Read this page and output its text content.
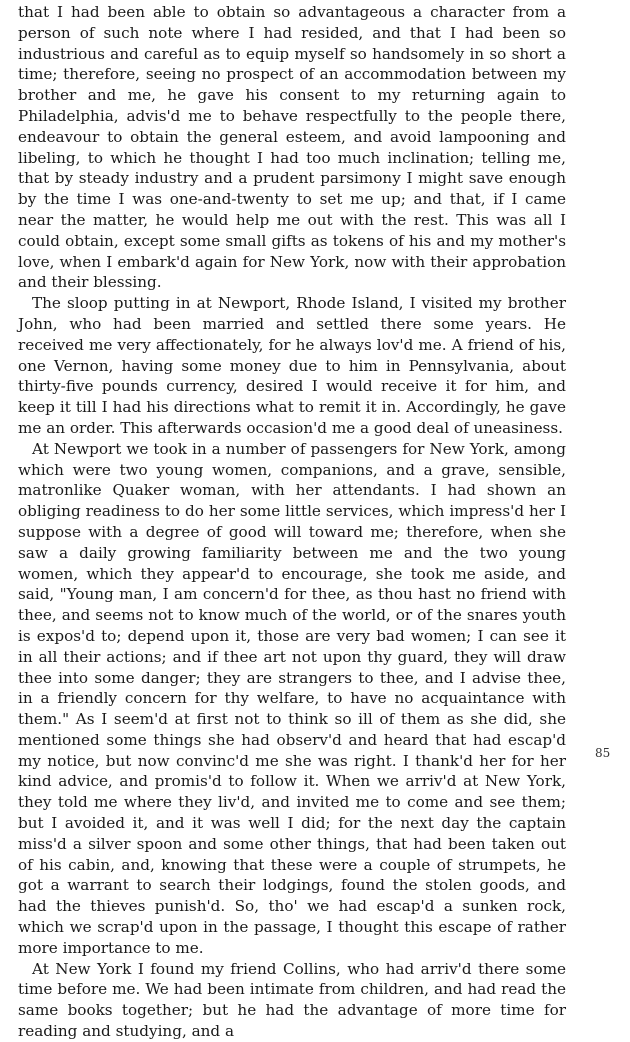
that I had been able to obtain so advantageous a character from a person of such note where I had resided, and that I had been so industrious and careful as to equip myself so handsomely in so short a time; therefore, seeing no prospect of an accommodation between my brother and me, he gave his consent to my returning again to Philadelphia, advis'd me to behave respectfully to the people there, endeavour to obtain the general esteem, and avoid lampooning and libeling, to which he thought I had too much inclination; telling me, that by steady industry and a prudent parsimony I might save enough by the time I was one-and-twenty to set me up; and that, if I came near the matter, he would help me out with the rest. This was all I could obtain, except some small gifts as tokens of his and my mother's love, when I embark'd again for New York, now with their approbation and their blessing.

The sloop putting in at Newport, Rhode Island, I visited my brother John, who had been married and settled there some years. He received me very affectionately, for he always lov'd me. A friend of his, one Vernon, having some money due to him in Pennsylvania, about thirty-five pounds currency, desired I would receive it for him, and keep it till I had his directions what to remit it in. Accordingly, he gave me an order. This afterwards occasion'd me a good deal of uneasiness.

At Newport we took in a number of passengers for New York, among which were two young women, companions, and a grave, sensible, matronlike Quaker woman, with her attendants. I had shown an obliging readiness to do her some little services, which impress'd her I suppose with a degree of good will toward me; therefore, when she saw a daily growing familiarity between me and the two young women, which they appear'd to encourage, she took me aside, and said, "Young man, I am concern'd for thee, as thou hast no friend with thee, and seems not to know much of the world, or of the snares youth is expos'd to; depend upon it, those are very bad women; I can see it in all their actions; and if thee art not upon thy guard, they will draw thee into some danger; they are strangers to thee, and I advise thee, in a friendly concern for thy welfare, to have no acquaintance with them." As I seem'd at first not to think so ill of them as she did, she mentioned some things she had observ'd and heard that had escap'd my notice, but now convinc'd me she was right. I thank'd her for her kind advice, and promis'd to follow it. When we arriv'd at New York, they told me where they liv'd, and invited me to come and see them; but I avoided it, and it was well I did; for the next day the captain miss'd a silver spoon and some other things, that had been taken out of his cabin, and, knowing that these were a couple of strumpets, he got a warrant to search their lodgings, found the stolen goods, and had the thieves punish'd. So, tho' we had escap'd a sunken rock, which we scrap'd upon in the passage, I thought this escape of rather more importance to me.

At New York I found my friend Collins, who had arriv'd there some time before me. We had been intimate from children, and had read the same books together; but he had the advantage of more time for reading and studying, and a

85
